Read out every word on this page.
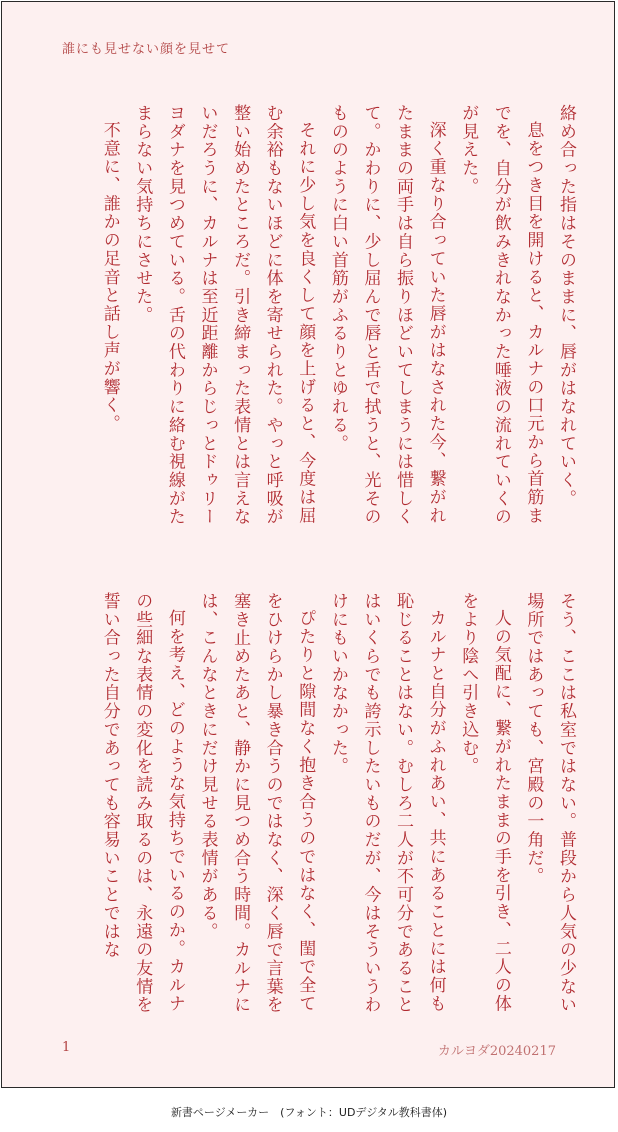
誰にも見せない顔を見せて

絡め合った指はそのままに、唇がはなれていく。

息をつき目を開けると、カルナの口元から首筋までを、自分が飲みきれなかった唾液の流れていくのが見えた。

深く重なり合っていた唇がはなされた今、繋がれたままの両手は自ら振りほどいてしまうには惜しくて。かわりに、少し屈んで唇と舌で拭うと、光そのもののように白い首筋がふるりとゆれる。

それに少し気を良くして顔を上げると、今度は屈む余裕もないほどに体を寄せられた。やっと呼吸が整い始めたところだ。引き締まった表情とは言えないだろうに、カルナは至近距離からじっとドゥリーヨダナを見つめている。舌の代わりに絡む視線がたまらない気持ちにさせた。

不意に、誰かの足音と話し声が響く。

そう、ここは私室ではない。普段から人気の少ない場所ではあっても、宮殿の一角だ。

人の気配に、繋がれたままの手を引き、二人の体をより陰へ引き込む。

カルナと自分がふれあい、共にあることには何も恥じることはない。むしろ二人が不可分であることはいくらでも誇示したいものだが、今はそういうわけにもいかなかった。

ぴたりと隙間なく抱き合うのではなく、閨で全てをひけらかし暴き合うのではなく、深く唇で言葉を塞き止めたあと、静かに見つめ合う時間。カルナには、こんなときにだけ見せる表情がある。

何を考え、どのような気持ちでいるのか。カルナの些細な表情の変化を読み取るのは、永遠の友情を誓い合った自分であっても容易いことではな

1	カルヨダ20240217
新書ページメーカー　(フォント：UDデジタル教科書体)
